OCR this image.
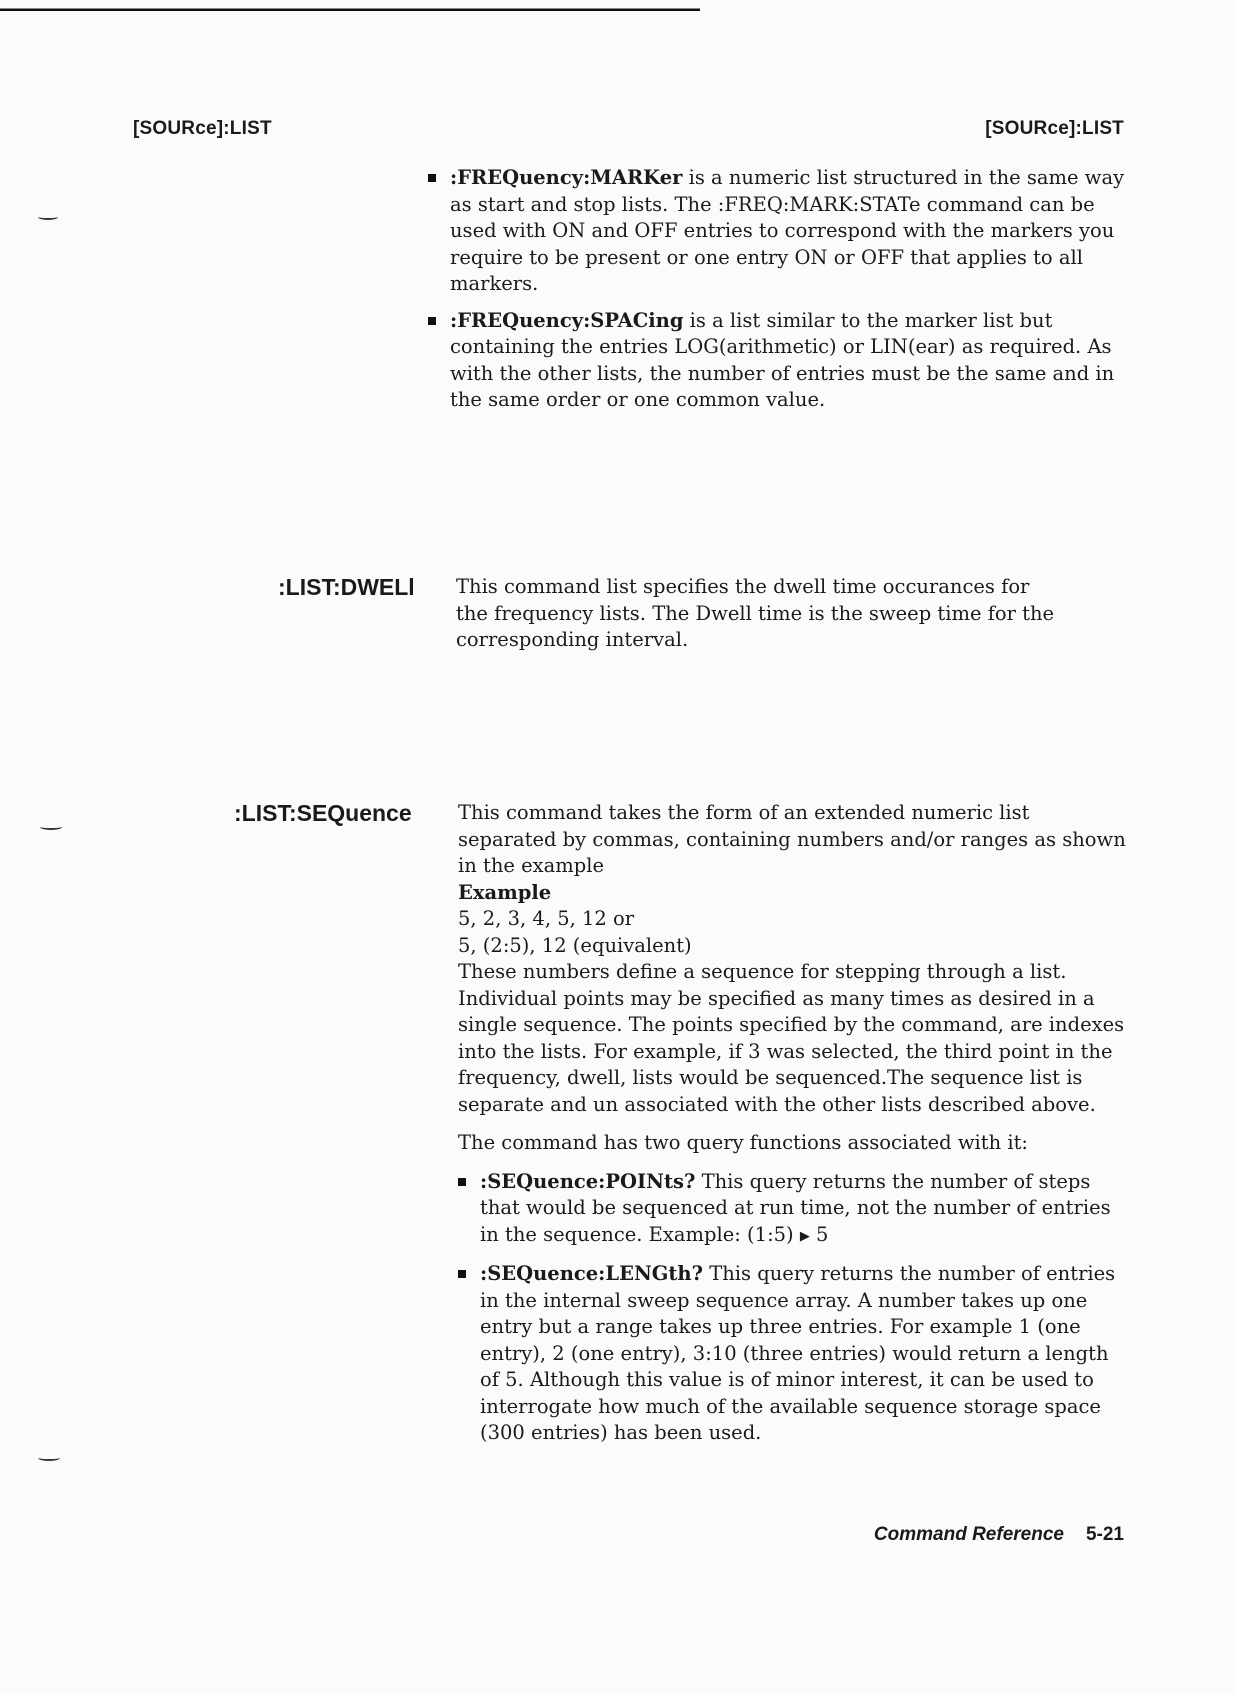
[SOURce]:LIST	[SOURce]:LIST
:FREQuency:MARKer is a numeric list structured in the same way as start and stop lists. The :FREQ:MARK:STATe command can be used with ON and OFF entries to correspond with the markers you require to be present or one entry ON or OFF that applies to all markers.
:FREQuency:SPACing is a list similar to the marker list but containing the entries LOG(arithmetic) or LIN(ear) as required. As with the other lists, the number of entries must be the same and in the same order or one common value.
:LIST:DWELl This command list specifies the dwell time occurances for the frequency lists. The Dwell time is the sweep time for the corresponding interval.

:LIST:SEQuence This command takes the form of an extended numeric list separated by commas, containing numbers and/or ranges as shown in the example
Example
5, 2, 3, 4, 5, 12 or
5, (2:5), 12 (equivalent)
These numbers define a sequence for stepping through a list. Individual points may be specified as many times as desired in a single sequence. The points specified by the command, are indexes into the lists. For example, if 3 was selected, the third point in the frequency, dwell, lists would be sequenced.The sequence list is separate and un associated with the other lists described above.
The command has two query functions associated with it:
:SEQuence:POINts? This query returns the number of steps that would be sequenced at run time, not the number of entries in the sequence. Example: (1:5) ▶ 5
:SEQuence:LENGth? This query returns the number of entries in the internal sweep sequence array. A number takes up one entry but a range takes up three entries. For example 1 (one entry), 2 (one entry), 3:10 (three entries) would return a length of 5. Although this value is of minor interest, it can be used to interrogate how much of the available sequence storage space (300 entries) has been used.
Command Reference 5-21
